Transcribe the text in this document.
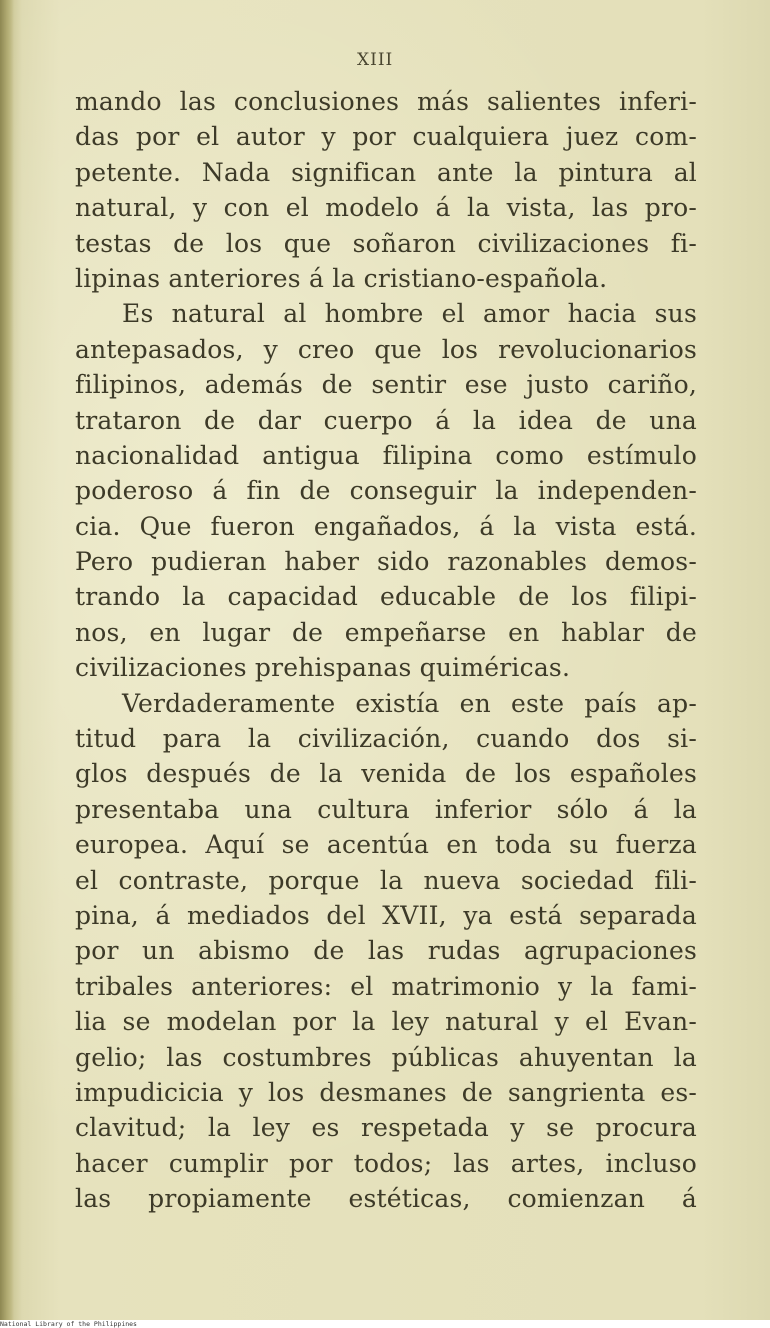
XIII
mando las conclusiones más salientes inferi-
das por el autor y por cualquiera juez com-
petente. Nada significan ante la pintura al
natural, y con el modelo á la vista, las pro-
testas de los que soñaron civilizaciones fi-
lipinas anteriores á la cristiano-española.
Es natural al hombre el amor hacia sus
antepasados, y creo que los revolucionarios
filipinos, además de sentir ese justo cariño,
trataron de dar cuerpo á la idea de una
nacionalidad antigua filipina como estímulo
poderoso á fin de conseguir la independen-
cia. Que fueron engañados, á la vista está.
Pero pudieran haber sido razonables demos-
trando la capacidad educable de los filipi-
nos, en lugar de empeñarse en hablar de
civilizaciones prehispanas quiméricas.
Verdaderamente existía en este país ap-
titud para la civilización, cuando dos si-
glos después de la venida de los españoles
presentaba una cultura inferior sólo á la
europea. Aquí se acentúa en toda su fuerza
el contraste, porque la nueva sociedad fili-
pina, á mediados del XVII, ya está separada
por un abismo de las rudas agrupaciones
tribales anteriores: el matrimonio y la fami-
lia se modelan por la ley natural y el Evan-
gelio; las costumbres públicas ahuyentan la
impudicicia y los desmanes de sangrienta es-
clavitud; la ley es respetada y se procura
hacer cumplir por todos; las artes, incluso
las propiamente estéticas, comienzan á
National Library of the Philippines
